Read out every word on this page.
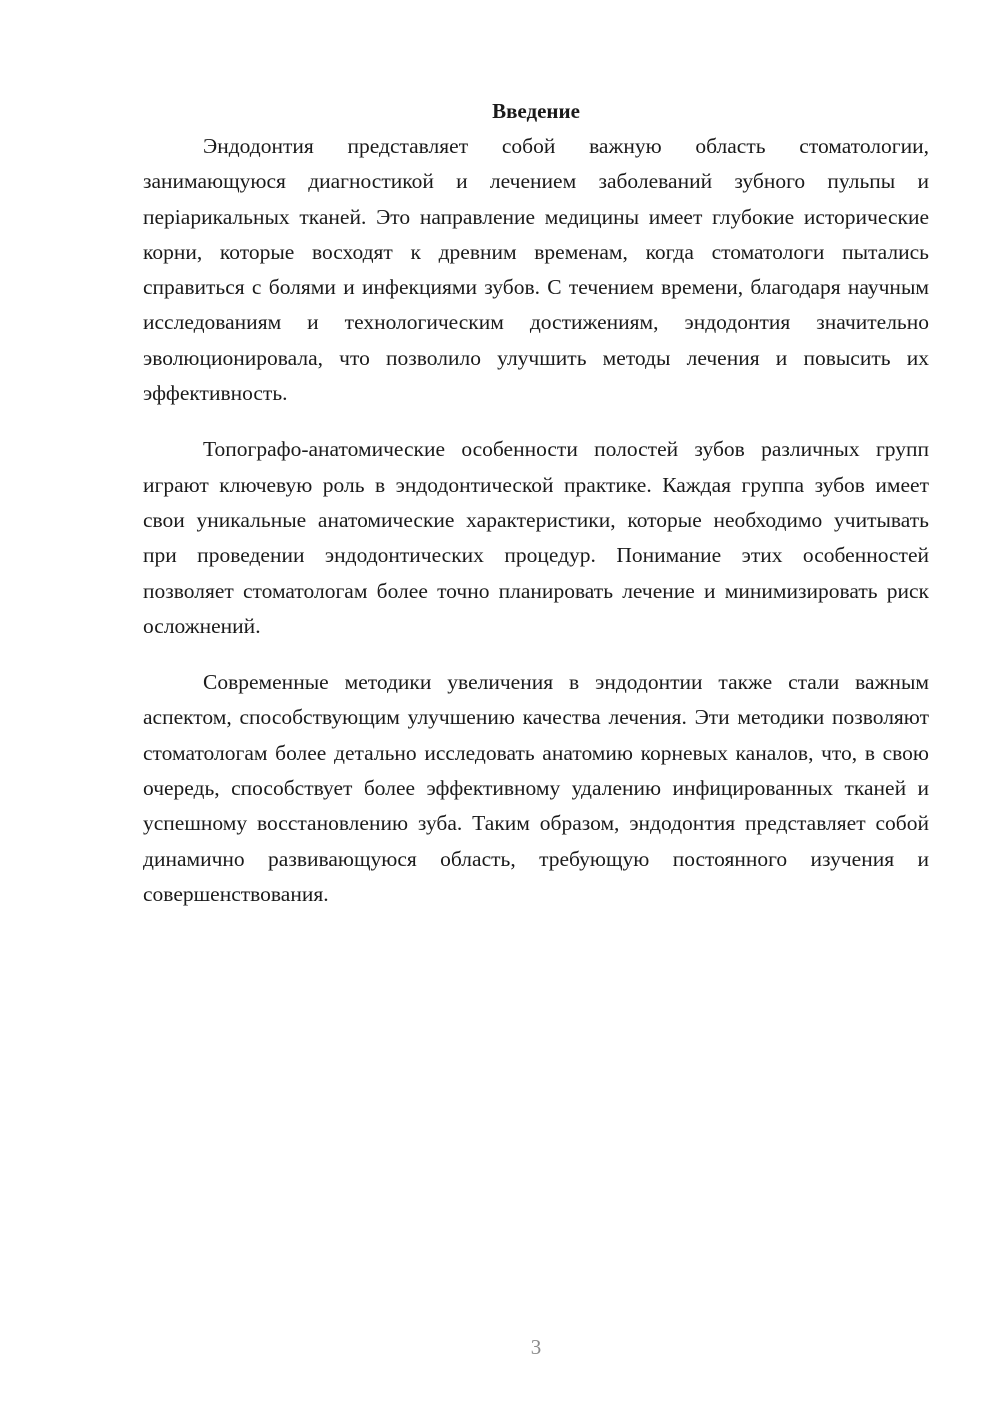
Введение

Эндодонтия представляет собой важную область стоматологии, занимающуюся диагностикой и лечением заболеваний зубного пульпы и періарикальных тканей. Это направление медицины имеет глубокие исторические корни, которые восходят к древним временам, когда стоматологи пытались справиться с болями и инфекциями зубов. С течением времени, благодаря научным исследованиям и технологическим достижениям, эндодонтия значительно эволюционировала, что позволило улучшить методы лечения и повысить их эффективность.

Топографо-анатомические особенности полостей зубов различных групп играют ключевую роль в эндодонтической практике. Каждая группа зубов имеет свои уникальные анатомические характеристики, которые необходимо учитывать при проведении эндодонтических процедур. Понимание этих особенностей позволяет стоматологам более точно планировать лечение и минимизировать риск осложнений.

Современные методики увеличения в эндодонтии также стали важным аспектом, способствующим улучшению качества лечения. Эти методики позволяют стоматологам более детально исследовать анатомию корневых каналов, что, в свою очередь, способствует более эффективному удалению инфицированных тканей и успешному восстановлению зуба. Таким образом, эндодонтия представляет собой динамично развивающуюся область, требующую постоянного изучения и совершенствования.

3
